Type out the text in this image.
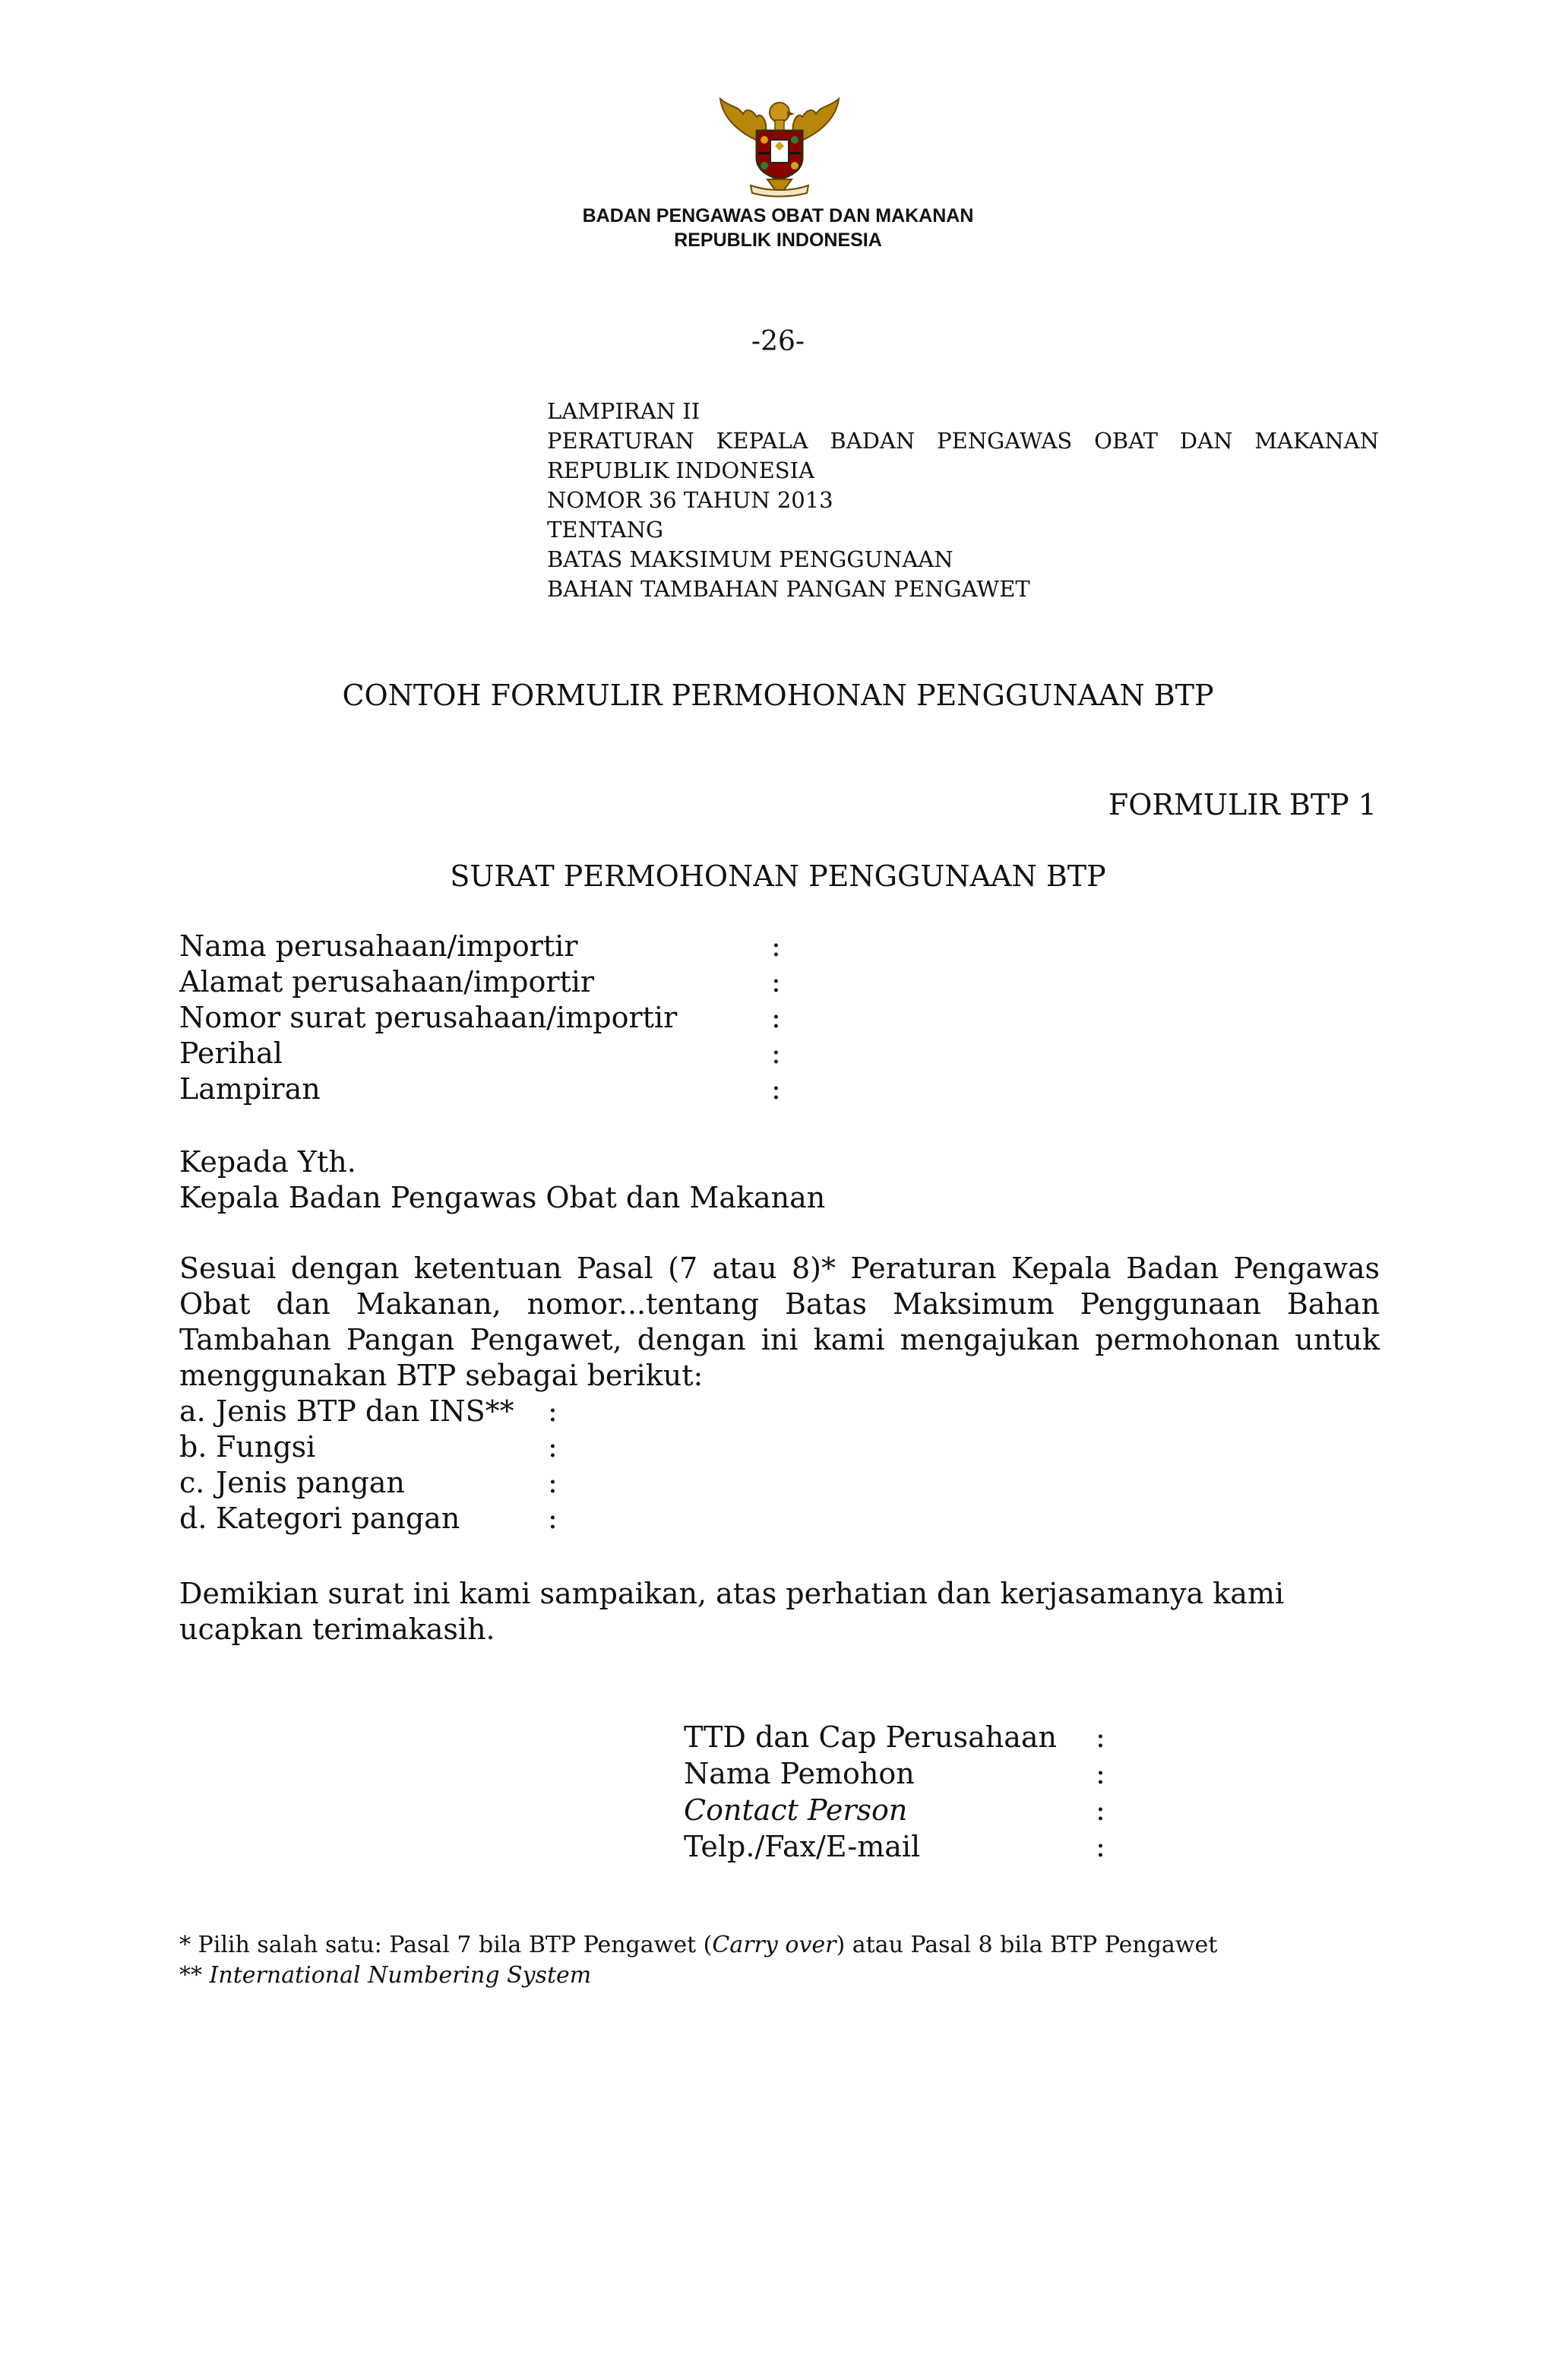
BADAN PENGAWAS OBAT DAN MAKANAN
REPUBLIK INDONESIA
-26-
LAMPIRAN II
PERATURAN KEPALA BADAN PENGAWAS OBAT DAN MAKANAN
REPUBLIK INDONESIA
NOMOR 36 TAHUN 2013
TENTANG
BATAS MAKSIMUM PENGGUNAAN
BAHAN TAMBAHAN PANGAN PENGAWET
CONTOH FORMULIR PERMOHONAN PENGGUNAAN BTP
FORMULIR BTP 1
SURAT PERMOHONAN PENGGUNAAN BTP
Nama perusahaan/importir	:
Alamat perusahaan/importir	:
Nomor surat perusahaan/importir	:
Perihal	:
Lampiran	:
Kepada Yth.
Kepala Badan Pengawas Obat dan Makanan
Sesuai dengan ketentuan Pasal (7 atau 8)* Peraturan Kepala Badan Pengawas Obat dan Makanan, nomor...tentang Batas Maksimum Penggunaan Bahan Tambahan Pangan Pengawet, dengan ini kami mengajukan permohonan untuk menggunakan BTP sebagai berikut:
a. Jenis BTP dan INS**	:
b. Fungsi	:
c. Jenis pangan	:
d. Kategori pangan	:
Demikian surat ini kami sampaikan, atas perhatian dan kerjasamanya kami ucapkan terimakasih.
TTD dan Cap Perusahaan	:
Nama Pemohon	:
Contact Person	:
Telp./Fax/E-mail	:
* Pilih salah satu: Pasal 7 bila BTP Pengawet (Carry over) atau Pasal 8 bila BTP Pengawet
** International Numbering System
